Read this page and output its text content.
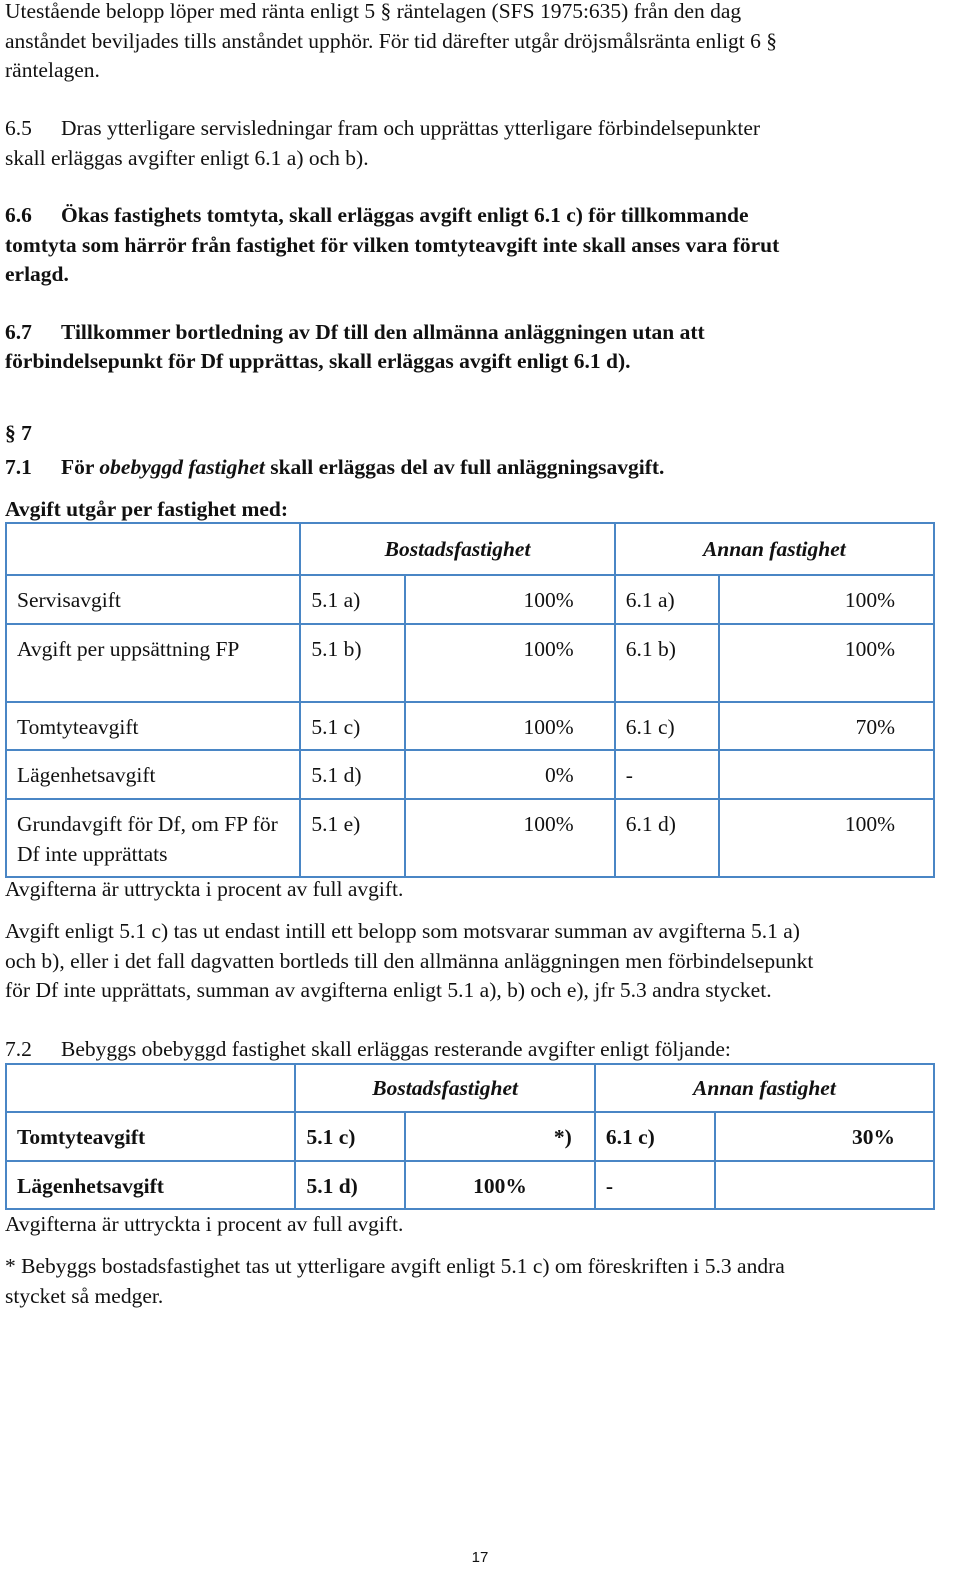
Utestående belopp löper med ränta enligt 5 § räntelagen (SFS 1975:635) från den dag
anståndet beviljades tills anståndet upphör. För tid därefter utgår dröjsmålsränta enligt 6 §
räntelagen.
6.5 Dras ytterligare servisledningar fram och upprättas ytterligare förbindelsepunkter
skall erläggas avgifter enligt 6.1 a) och b).
6.6 Ökas fastighets tomtyta, skall erläggas avgift enligt 6.1 c) för tillkommande
tomtyta som härrör från fastighet för vilken tomtyteavgift inte skall anses vara förut
erlagd.
6.7 Tillkommer bortledning av Df till den allmänna anläggningen utan att
förbindelsepunkt för Df upprättas, skall erläggas avgift enligt 6.1 d).
§ 7
7.1 För obebyggd fastighet skall erläggas del av full anläggningsavgift.
Avgift utgår per fastighet med:
	Bostadsfastighet		Annan fastighet	
Servisavgift	5.1 a)	100%	6.1 a)	100%
Avgift per uppsättning FP	5.1 b)	100%	6.1 b)	100%
Tomtyteavgift	5.1 c)	100%	6.1 c)	70%
Lägenhetsavgift	5.1 d)	0%	-	
Grundavgift för Df, om FP för Df inte upprättats	5.1 e)	100%	6.1 d)	100%
Avgifterna är uttryckta i procent av full avgift.
Avgift enligt 5.1 c) tas ut endast intill ett belopp som motsvarar summan av avgifterna 5.1 a)
och b), eller i det fall dagvatten bortleds till den allmänna anläggningen men förbindelsepunkt
för Df inte upprättats, summan av avgifterna enligt 5.1 a), b) och e), jfr 5.3 andra stycket.
7.2 Bebyggs obebyggd fastighet skall erläggas resterande avgifter enligt följande:
	Bostadsfastighet		Annan fastighet	
Tomtyteavgift	5.1 c)	*)	6.1 c)	30%
Lägenhetsavgift	5.1 d)	100%	-	
Avgifterna är uttryckta i procent av full avgift.
* Bebyggs bostadsfastighet tas ut ytterligare avgift enligt 5.1 c) om föreskriften i 5.3 andra
stycket så medger.
17
